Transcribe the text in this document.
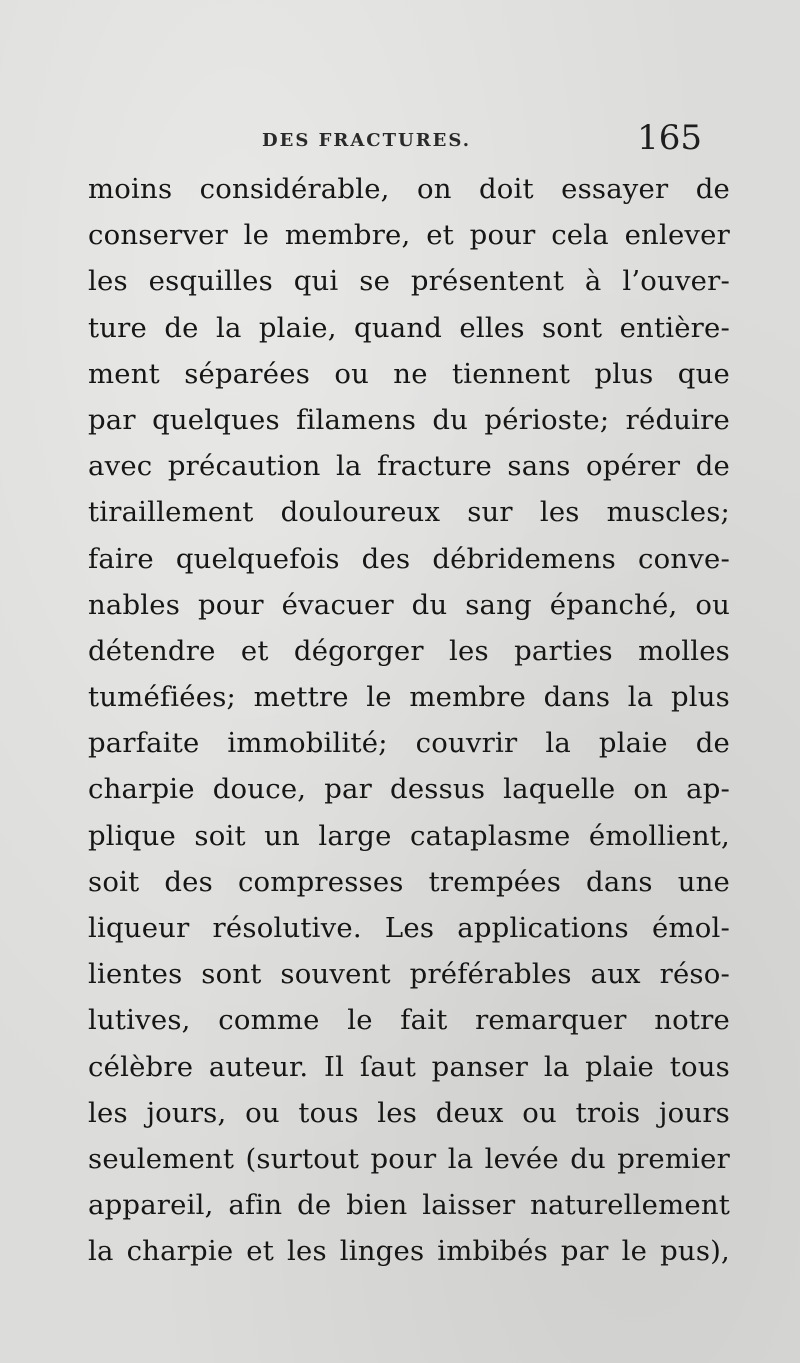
DES FRACTURES.	165
moins considérable, on doit essayer de
conserver le membre, et pour cela enlever
les esquilles qui se présentent à l’ouver-
ture de la plaie, quand elles sont entière-
ment séparées ou ne tiennent plus que
par quelques filamens du périoste; réduire
avec précaution la fracture sans opérer de
tiraillement douloureux sur les muscles;
faire quelquefois des débridemens conve-
nables pour évacuer du sang épanché, ou
détendre et dégorger les parties molles
tuméfiées; mettre le membre dans la plus
parfaite immobilité; couvrir la plaie de
charpie douce, par dessus laquelle on ap-
plique soit un large cataplasme émollient,
soit des compresses trempées dans une
liqueur résolutive. Les applications émol-
lientes sont souvent préférables aux réso-
lutives, comme le fait remarquer notre
célèbre auteur. Il ſaut panser la plaie tous
les jours, ou tous les deux ou trois jours
seulement (surtout pour la levée du premier
appareil, afin de bien laisser naturellement
la charpie et les linges imbibés par le pus),
